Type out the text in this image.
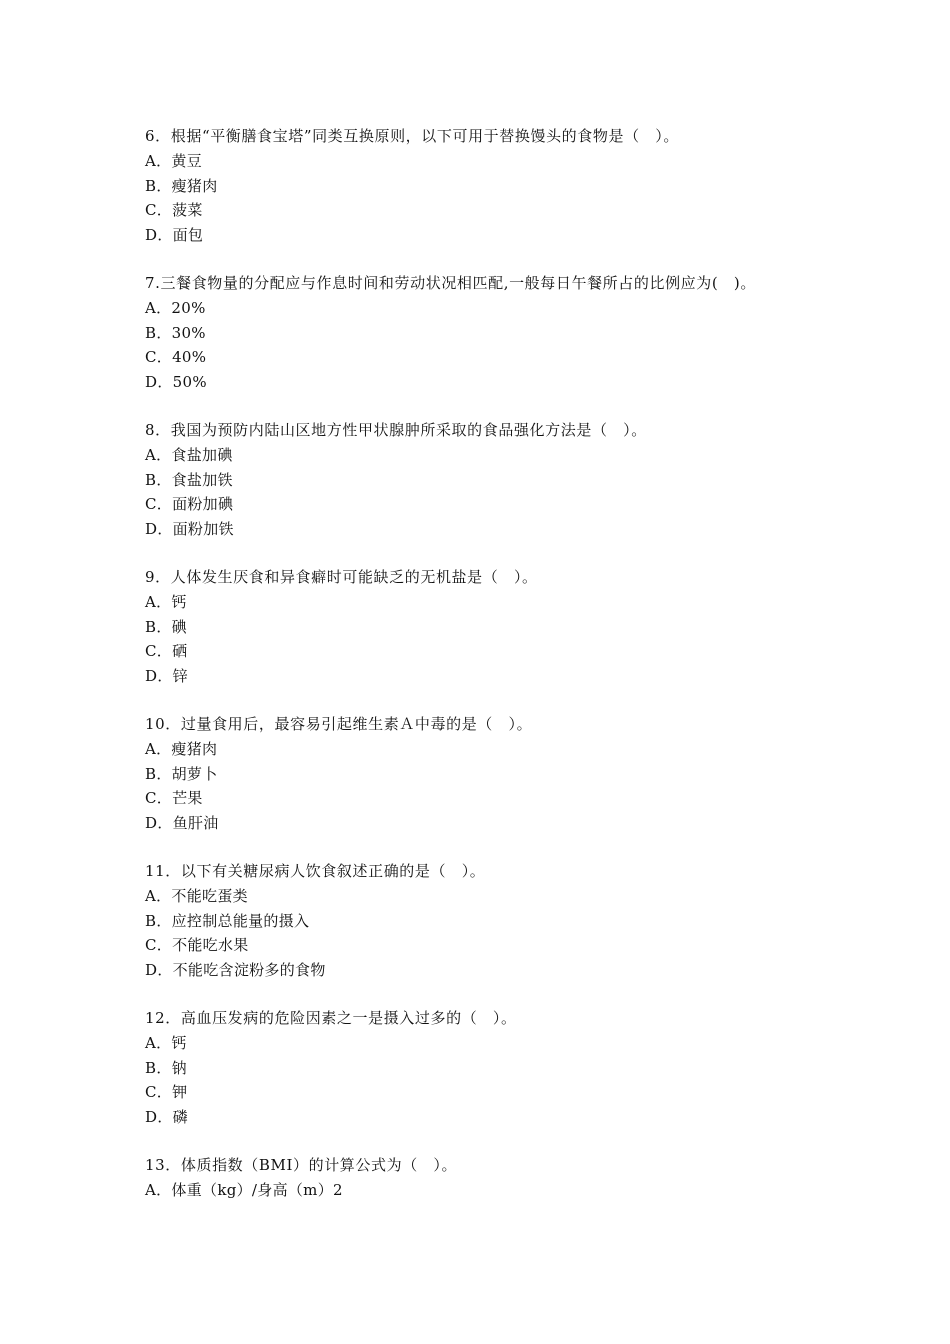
6．根据“平衡膳食宝塔”同类互换原则，以下可用于替换馒头的食物是（　）。
A．黄豆
B．瘦猪肉
C．菠菜
D．面包
7.三餐食物量的分配应与作息时间和劳动状况相匹配,一般每日午餐所占的比例应为(　)。
A．20%
B．30%
C．40%
D．50%
8．我国为预防内陆山区地方性甲状腺肿所采取的食品强化方法是（　）。
A．食盐加碘
B．食盐加铁
C．面粉加碘
D．面粉加铁
9．人体发生厌食和异食癖时可能缺乏的无机盐是（　）。
A．钙
B．碘
C．硒
D．锌
10．过量食用后，最容易引起维生素Ａ中毒的是（　）。
A．瘦猪肉
B．胡萝卜
C．芒果
D．鱼肝油
11．以下有关糖尿病人饮食叙述正确的是（　）。
A．不能吃蛋类
B．应控制总能量的摄入
C．不能吃水果
D．不能吃含淀粉多的食物
12．高血压发病的危险因素之一是摄入过多的（　）。
A．钙
B．钠
C．钾
D．磷
13．体质指数（BMI）的计算公式为（　）。
A．体重（kg）/身高（m）2
